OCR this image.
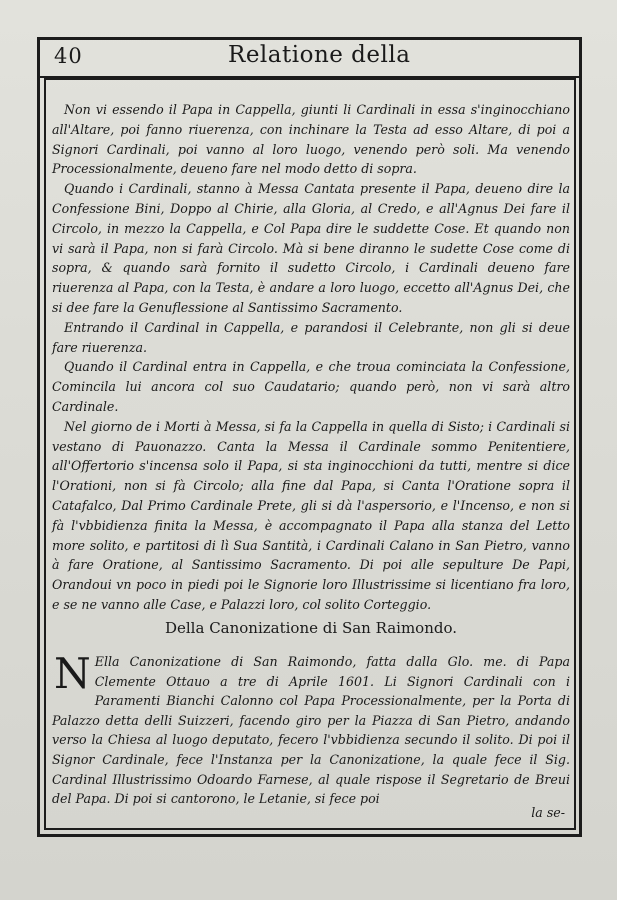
40	Relatione della

Non vi essendo il Papa in Cappella, giunti li Cardinali in essa s'inginocchiano all'Altare, poi fanno riuerenza, con inchinare la Testa ad esso Altare, di poi a Signori Cardinali, poi vanno al loro luogo, venendo però soli. Ma venendo Processionalmente, deueno fare nel modo detto di sopra.

Quando i Cardinali, stanno à Messa Cantata presente il Papa, deueno dire la Confessione Bini, Doppo al Chirie, alla Gloria, al Credo, e all'Agnus Dei fare il Circolo, in mezzo la Cappella, e Col Papa dire le suddette Cose. Et quando non vi sarà il Papa, non si farà Circolo. Mà si bene diranno le sudette Cose come di sopra, & quando sarà fornito il sudetto Circolo, i Cardinali deueno fare riuerenza al Papa, con la Testa, è andare a loro luogo, eccetto all'Agnus Dei, che si dee fare la Genuflessione al Santissimo Sacramento.

Entrando il Cardinal in Cappella, e parandosi il Celebrante, non gli si deue fare riuerenza.

Quando il Cardinal entra in Cappella, e che troua cominciata la Confessione, Comincila lui ancora col suo Caudatario; quando però, non vi sarà altro Cardinale.

Nel giorno de i Morti à Messa, si fa la Cappella in quella di Sisto; i Cardinali si vestano di Pauonazzo. Canta la Messa il Cardinale sommo Penitentiere, all'Offertorio s'incensa solo il Papa, si sta inginocchioni da tutti, mentre si dice l'Orationi, non si fà Circolo; alla fine dal Papa, si Canta l'Oratione sopra il Catafalco, Dal Primo Cardinale Prete, gli si dà l'aspersorio, e l'Incenso, e non si fà l'vbbidienza finita la Messa, è accompagnato il Papa alla stanza del Letto more solito, e partitosi di lì Sua Santità, i Cardinali Calano in San Pietro, vanno à fare Oratione, al Santissimo Sacramento. Di poi alle sepulture De Papi, Orandoui vn poco in piedi poi le Signorie loro Illustrissime si licentiano fra loro, e se ne vanno alle Case, e Palazzi loro, col solito Corteggio.

Della Canonizatione di San Raimondo.
N Ella Canonizatione di San Raimondo, fatta dalla Glo. me. di Papa Clemente Ottauo a tre di Aprile 1601. Li Signori Cardinali con i Paramenti Bianchi Calonno col Papa Processionalmente, per la Porta di Palazzo detta delli Suizzeri, facendo giro per la Piazza di San Pietro, andando verso la Chiesa al luogo deputato, fecero l'vbbidienza secundo il solito. Di poi il Signor Cardinale, fece l'Instanza per la Canonizatione, la quale fece il Sig. Cardinal Illustrissimo Odoardo Farnese, al quale rispose il Segretario de Breui del Papa. Di poi si cantorono, le Letanie, si fece poi
la se-
